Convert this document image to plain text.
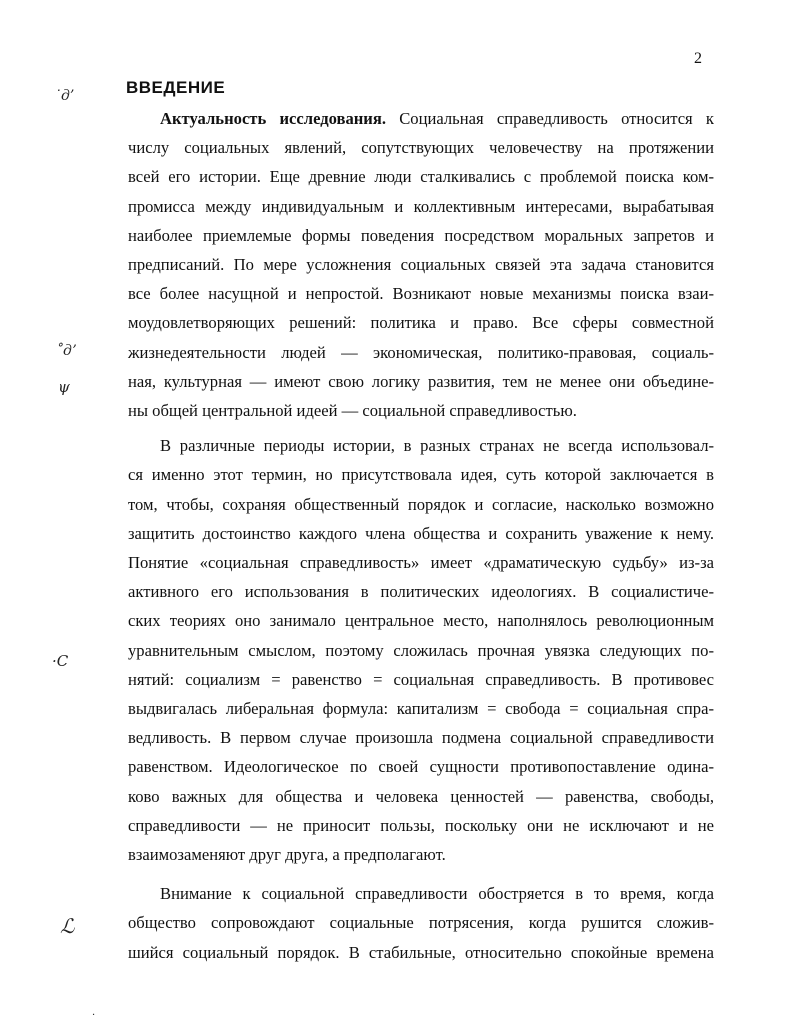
2
ВВЕДЕНИЕ
˙д’
˚дʼ
ψ
·С
ℒ
·
Актуальность исследования. Социальная справедливость относится к
числу социальных явлений, сопутствующих человечеству на протяжении
всей его истории. Еще древние люди сталкивались с проблемой поиска ком-
промисса между индивидуальным и коллективным интересами, вырабатывая
наиболее приемлемые формы поведения посредством моральных запретов и
предписаний. По мере усложнения социальных связей эта задача становится
все более насущной и непростой. Возникают новые механизмы поиска взаи-
моудовлетворяющих решений: политика и право. Все сферы совместной
жизнедеятельности людей — экономическая, политико-правовая, социаль-
ная, культурная — имеют свою логику развития, тем не менее они объедине-
ны общей центральной идеей — социальной справедливостью.
В различные периоды истории, в разных странах не всегда использовал-
ся именно этот термин, но присутствовала идея, суть которой заключается в
том, чтобы, сохраняя общественный порядок и согласие, насколько возможно
защитить достоинство каждого члена общества и сохранить уважение к нему.
Понятие «социальная справедливость» имеет «драматическую судьбу» из-за
активного его использования в политических идеологиях. В социалистиче-
ских теориях оно занимало центральное место, наполнялось революционным
уравнительным смыслом, поэтому сложилась прочная увязка следующих по-
нятий: социализм = равенство = социальная справедливость. В противовес
выдвигалась либеральная формула: капитализм = свобода = социальная спра-
ведливость. В первом случае произошла подмена социальной справедливости
равенством. Идеологическое по своей сущности противопоставление одина-
ково важных для общества и человека ценностей — равенства, свободы,
справедливости — не приносит пользы, поскольку они не исключают и не
взаимозаменяют друг друга, а предполагают.
Внимание к социальной справедливости обостряется в то время, когда
общество сопровождают социальные потрясения, когда рушится сложив-
шийся социальный порядок. В стабильные, относительно спокойные времена
